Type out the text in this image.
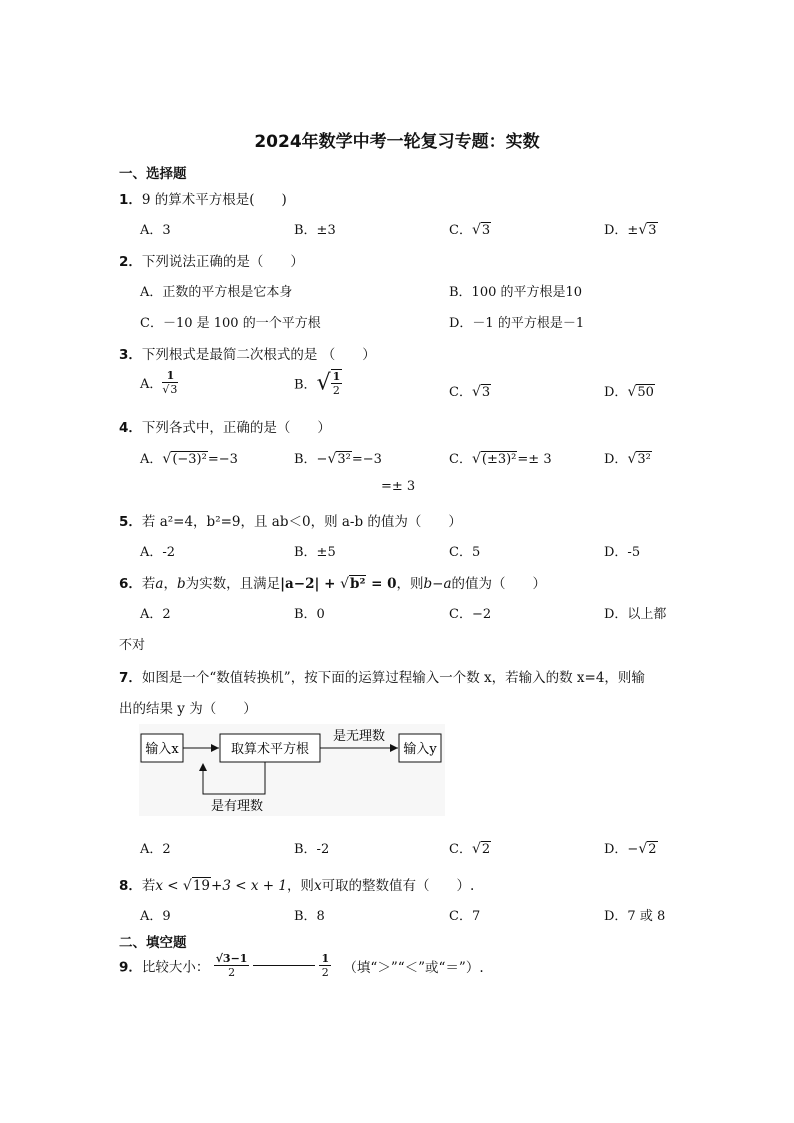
2024年数学中考一轮复习专题：实数
一、选择题
1．9 的算术平方根是(　　)
A．3	B．±3	C．√3	D．±√3
2．下列说法正确的是（　　）
A．正数的平方根是它本身	B．100 的平方根是10
C．－10 是 100 的一个平方根	D．－1 的平方根是－1
3．下列根式是最简二次根式的是 （　　）
A． $\frac{1}{√3}$	B．√ $\frac{1}{2}$	C．√3	D．√50
4．下列各式中，正确的是（　　）
A．√(−3)²=−3	B．−√3²=−3	C．√(±3)²=± 3	D．√3²
=± 3
5．若 a²=4，b²=9，且 ab＜0，则 a-b 的值为（　　）
A．-2	B．±5	C．5	D．-5
6．若a，b为实数，且满足|a−2| + √b² = 0，则b−a的值为（　　）
A．2	B．0	C．−2	D．以上都
不对
7．如图是一个“数值转换机”，按下面的运算过程输入一个数 x，若输入的数 x=4，则输
出的结果 y 为（　　）
输入x	取算术平方根
是无理数
输入y
是有理数
A．2	B．-2	C．√2	D．−√2
8．若x < √19+3 < x + 1，则x可取的整数值有（　　）.
A．9	B．8	C．7	D．7 或 8
二、填空题
9．比较大小： $\frac{√3-1}{2}$	$\frac{1}{2}$ （填“＞”“＜”或“＝”）.
